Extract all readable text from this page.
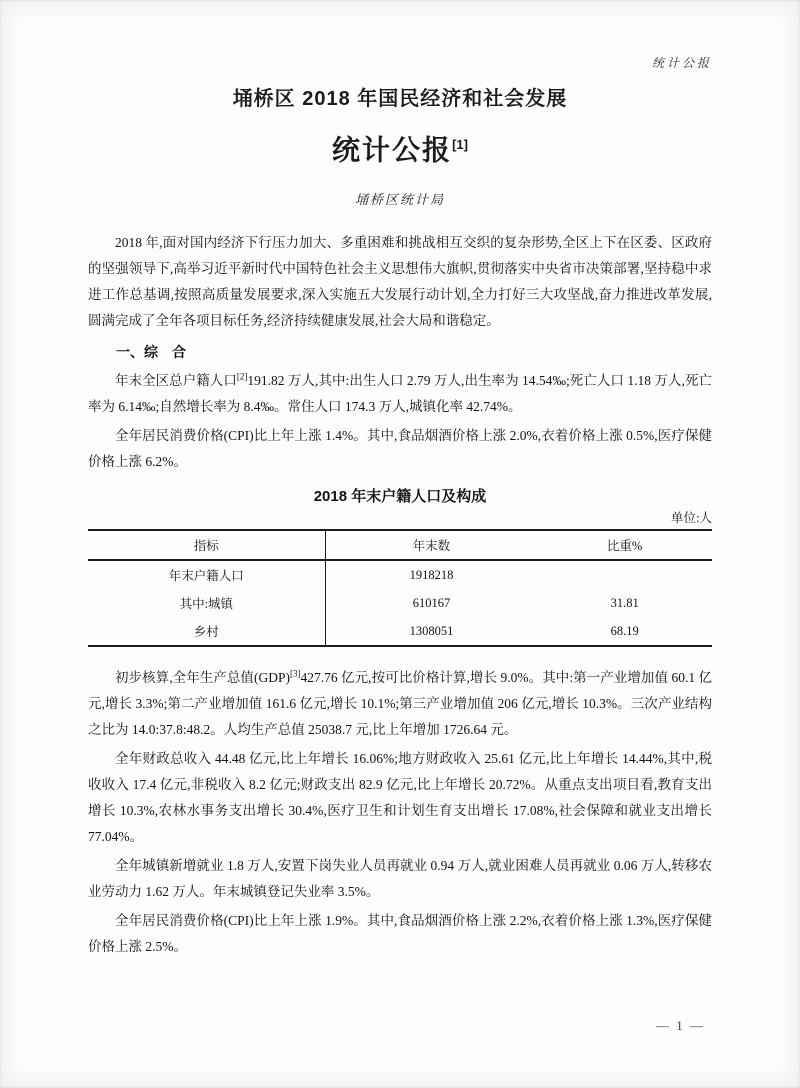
统计公报
埇桥区 2018 年国民经济和社会发展
统计公报[1]
埇桥区统计局

2018 年,面对国内经济下行压力加大、多重困难和挑战相互交织的复杂形势,全区上下在区委、区政府的坚强领导下,高举习近平新时代中国特色社会主义思想伟大旗帜,贯彻落实中央省市决策部署,坚持稳中求进工作总基调,按照高质量发展要求,深入实施五大发展行动计划,全力打好三大攻坚战,奋力推进改革发展,圆满完成了全年各项目标任务,经济持续健康发展,社会大局和谐稳定。

一、综　合

年末全区总户籍人口[2]191.82 万人,其中:出生人口 2.79 万人,出生率为 14.54‰;死亡人口 1.18 万人,死亡率为 6.14‰;自然增长率为 8.4‰。常住人口 174.3 万人,城镇化率 42.74%。

全年居民消费价格(CPI)比上年上涨 1.4%。其中,食品烟酒价格上涨 2.0%,衣着价格上涨 0.5%,医疗保健价格上涨 6.2%。

2018 年末户籍人口及构成
单位:人
指标	年末数	比重%
年末户籍人口	1918218	
其中:城镇	610167	31.81
乡村	1308051	68.19

初步核算,全年生产总值(GDP)[3]427.76 亿元,按可比价格计算,增长 9.0%。其中:第一产业增加值 60.1 亿元,增长 3.3%;第二产业增加值 161.6 亿元,增长 10.1%;第三产业增加值 206 亿元,增长 10.3%。三次产业结构之比为 14.0:37.8:48.2。人均生产总值 25038.7 元,比上年增加 1726.64 元。

全年财政总收入 44.48 亿元,比上年增长 16.06%;地方财政收入 25.61 亿元,比上年增长 14.44%,其中,税收收入 17.4 亿元,非税收入 8.2 亿元;财政支出 82.9 亿元,比上年增长 20.72%。从重点支出项目看,教育支出增长 10.3%,农林水事务支出增长 30.4%,医疗卫生和计划生育支出增长 17.08%,社会保障和就业支出增长 77.04%。

全年城镇新增就业 1.8 万人,安置下岗失业人员再就业 0.94 万人,就业困难人员再就业 0.06 万人,转移农业劳动力 1.62 万人。年末城镇登记失业率 3.5%。

全年居民消费价格(CPI)比上年上涨 1.9%。其中,食品烟酒价格上涨 2.2%,衣着价格上涨 1.3%,医疗保健价格上涨 2.5%。

— 1 —
